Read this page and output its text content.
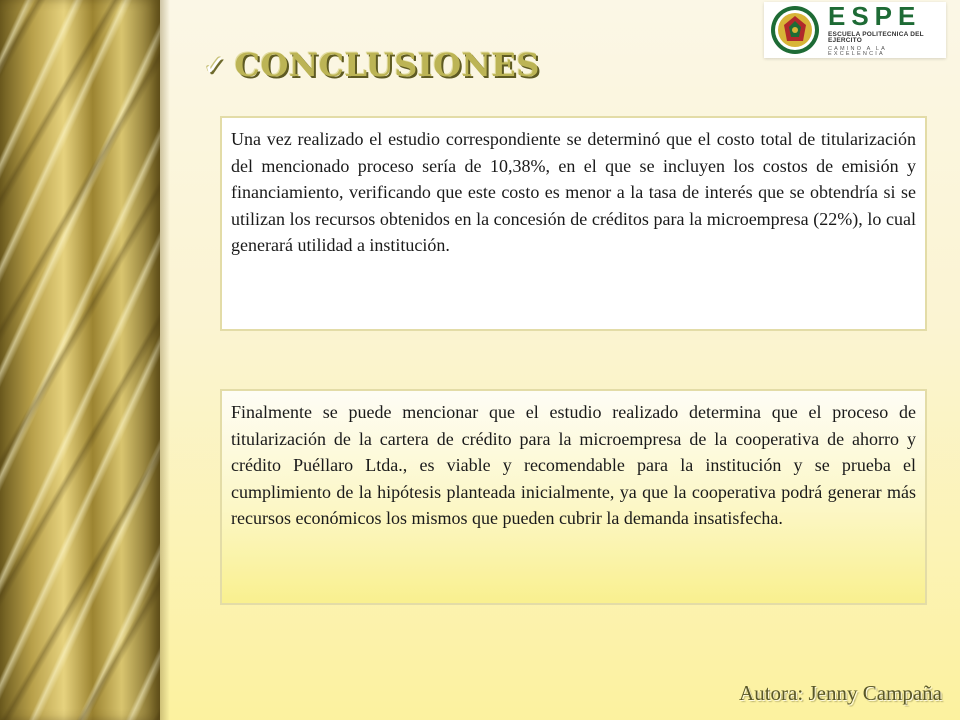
ESPE
ESCUELA POLITECNICA DEL EJERCITO
CAMINO A LA EXCELENCIA
✓ CONCLUSIONES
Una vez realizado el estudio correspondiente se determinó que el costo total de titularización del mencionado proceso sería de 10,38%, en el que se incluyen los costos de emisión y financiamiento, verificando que este costo es menor a la tasa de interés que se obtendría si se utilizan los recursos obtenidos en la concesión de créditos para la microempresa (22%), lo cual generará utilidad a institución.
Finalmente se puede mencionar que el estudio realizado determina que el proceso de titularización de la cartera de crédito para la microempresa de la cooperativa de ahorro y crédito Puéllaro Ltda., es viable y recomendable para la institución y se prueba el cumplimiento de la hipótesis planteada inicialmente, ya que la cooperativa podrá generar más recursos económicos los mismos que pueden cubrir la demanda insatisfecha.
Autora: Jenny Campaña
